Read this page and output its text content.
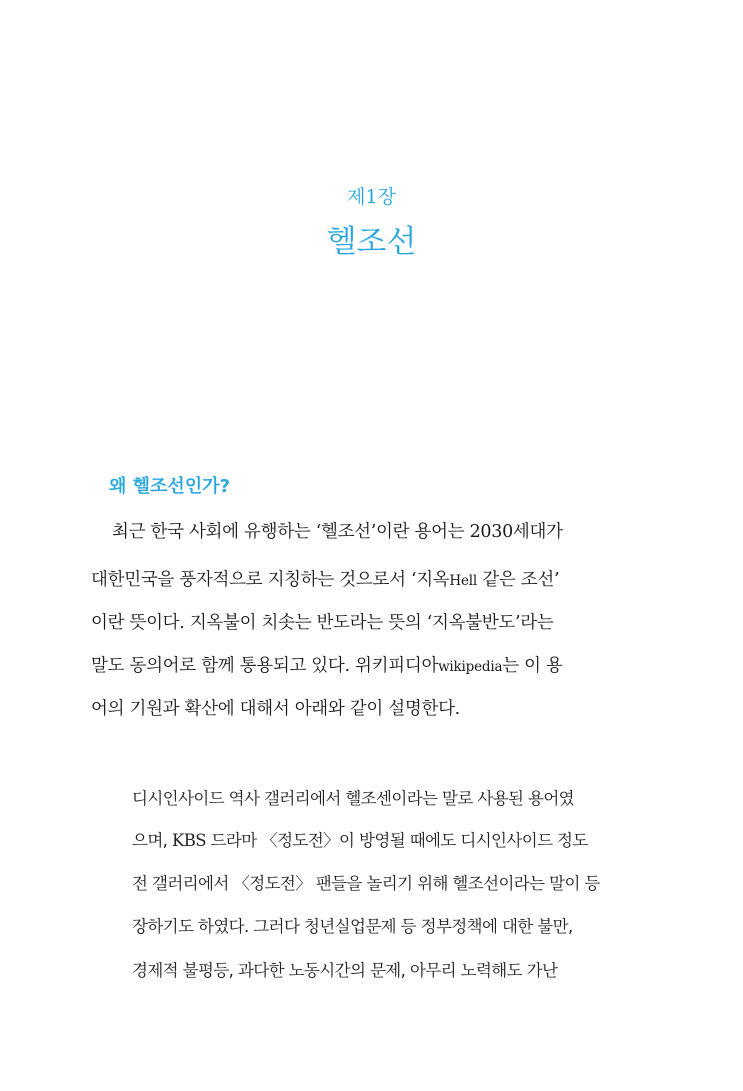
제1장
헬조선
왜 헬조선인가?
최근 한국 사회에 유행하는 ‘헬조선’이란 용어는 2030세대가
대한민국을 풍자적으로 지칭하는 것으로서 ‘지옥Hell 같은 조선’
이란 뜻이다. 지옥불이 치솟는 반도라는 뜻의 ‘지옥불반도’라는
말도 동의어로 함께 통용되고 있다. 위키피디아wikipedia는 이 용
어의 기원과 확산에 대해서 아래와 같이 설명한다.
디시인사이드 역사 갤러리에서 헬조센이라는 말로 사용된 용어였
으며, KBS 드라마 〈정도전〉이 방영될 때에도 디시인사이드 정도
전 갤러리에서 〈정도전〉 팬들을 놀리기 위해 헬조선이라는 말이 등
장하기도 하였다. 그러다 청년실업문제 등 정부정책에 대한 불만,
경제적 불평등, 과다한 노동시간의 문제, 아무리 노력해도 가난
